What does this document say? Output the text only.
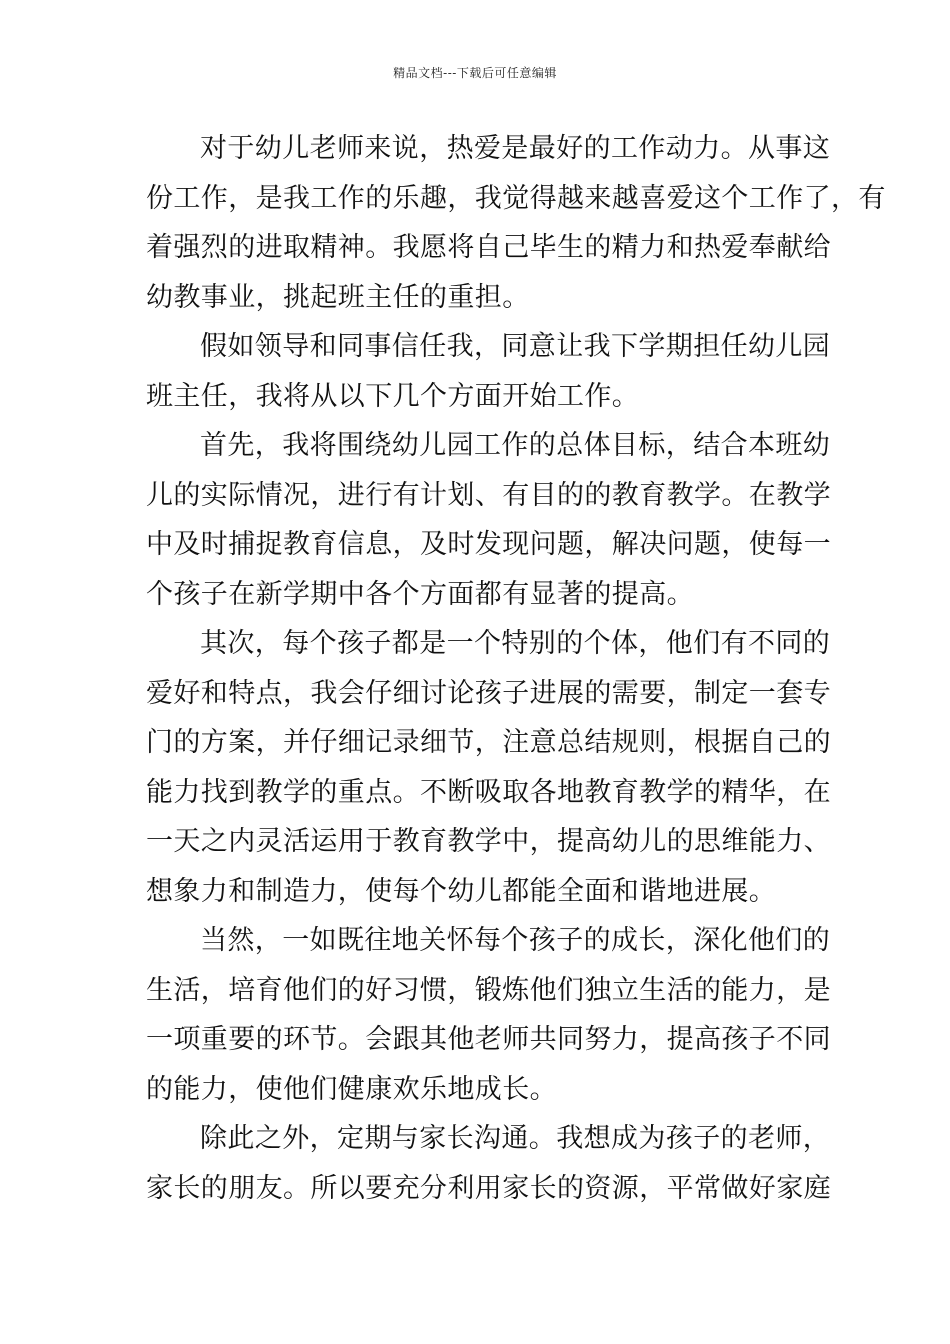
精品文档---下载后可任意编辑
对于幼儿老师来说，热爱是最好的工作动力。从事这
份工作，是我工作的乐趣，我觉得越来越喜爱这个工作了，有
着强烈的进取精神。我愿将自己毕生的精力和热爱奉献给
幼教事业，挑起班主任的重担。
假如领导和同事信任我，同意让我下学期担任幼儿园
班主任，我将从以下几个方面开始工作。
首先，我将围绕幼儿园工作的总体目标，结合本班幼
儿的实际情况，进行有计划、有目的的教育教学。在教学
中及时捕捉教育信息，及时发现问题，解决问题，使每一
个孩子在新学期中各个方面都有显著的提高。
其次，每个孩子都是一个特别的个体，他们有不同的
爱好和特点，我会仔细讨论孩子进展的需要，制定一套专
门的方案，并仔细记录细节，注意总结规则，根据自己的
能力找到教学的重点。不断吸取各地教育教学的精华，在
一天之内灵活运用于教育教学中，提高幼儿的思维能力、
想象力和制造力，使每个幼儿都能全面和谐地进展。
当然，一如既往地关怀每个孩子的成长，深化他们的
生活，培育他们的好习惯，锻炼他们独立生活的能力，是
一项重要的环节。会跟其他老师共同努力，提高孩子不同
的能力，使他们健康欢乐地成长。
除此之外，定期与家长沟通。我想成为孩子的老师，
家长的朋友。所以要充分利用家长的资源，平常做好家庭
